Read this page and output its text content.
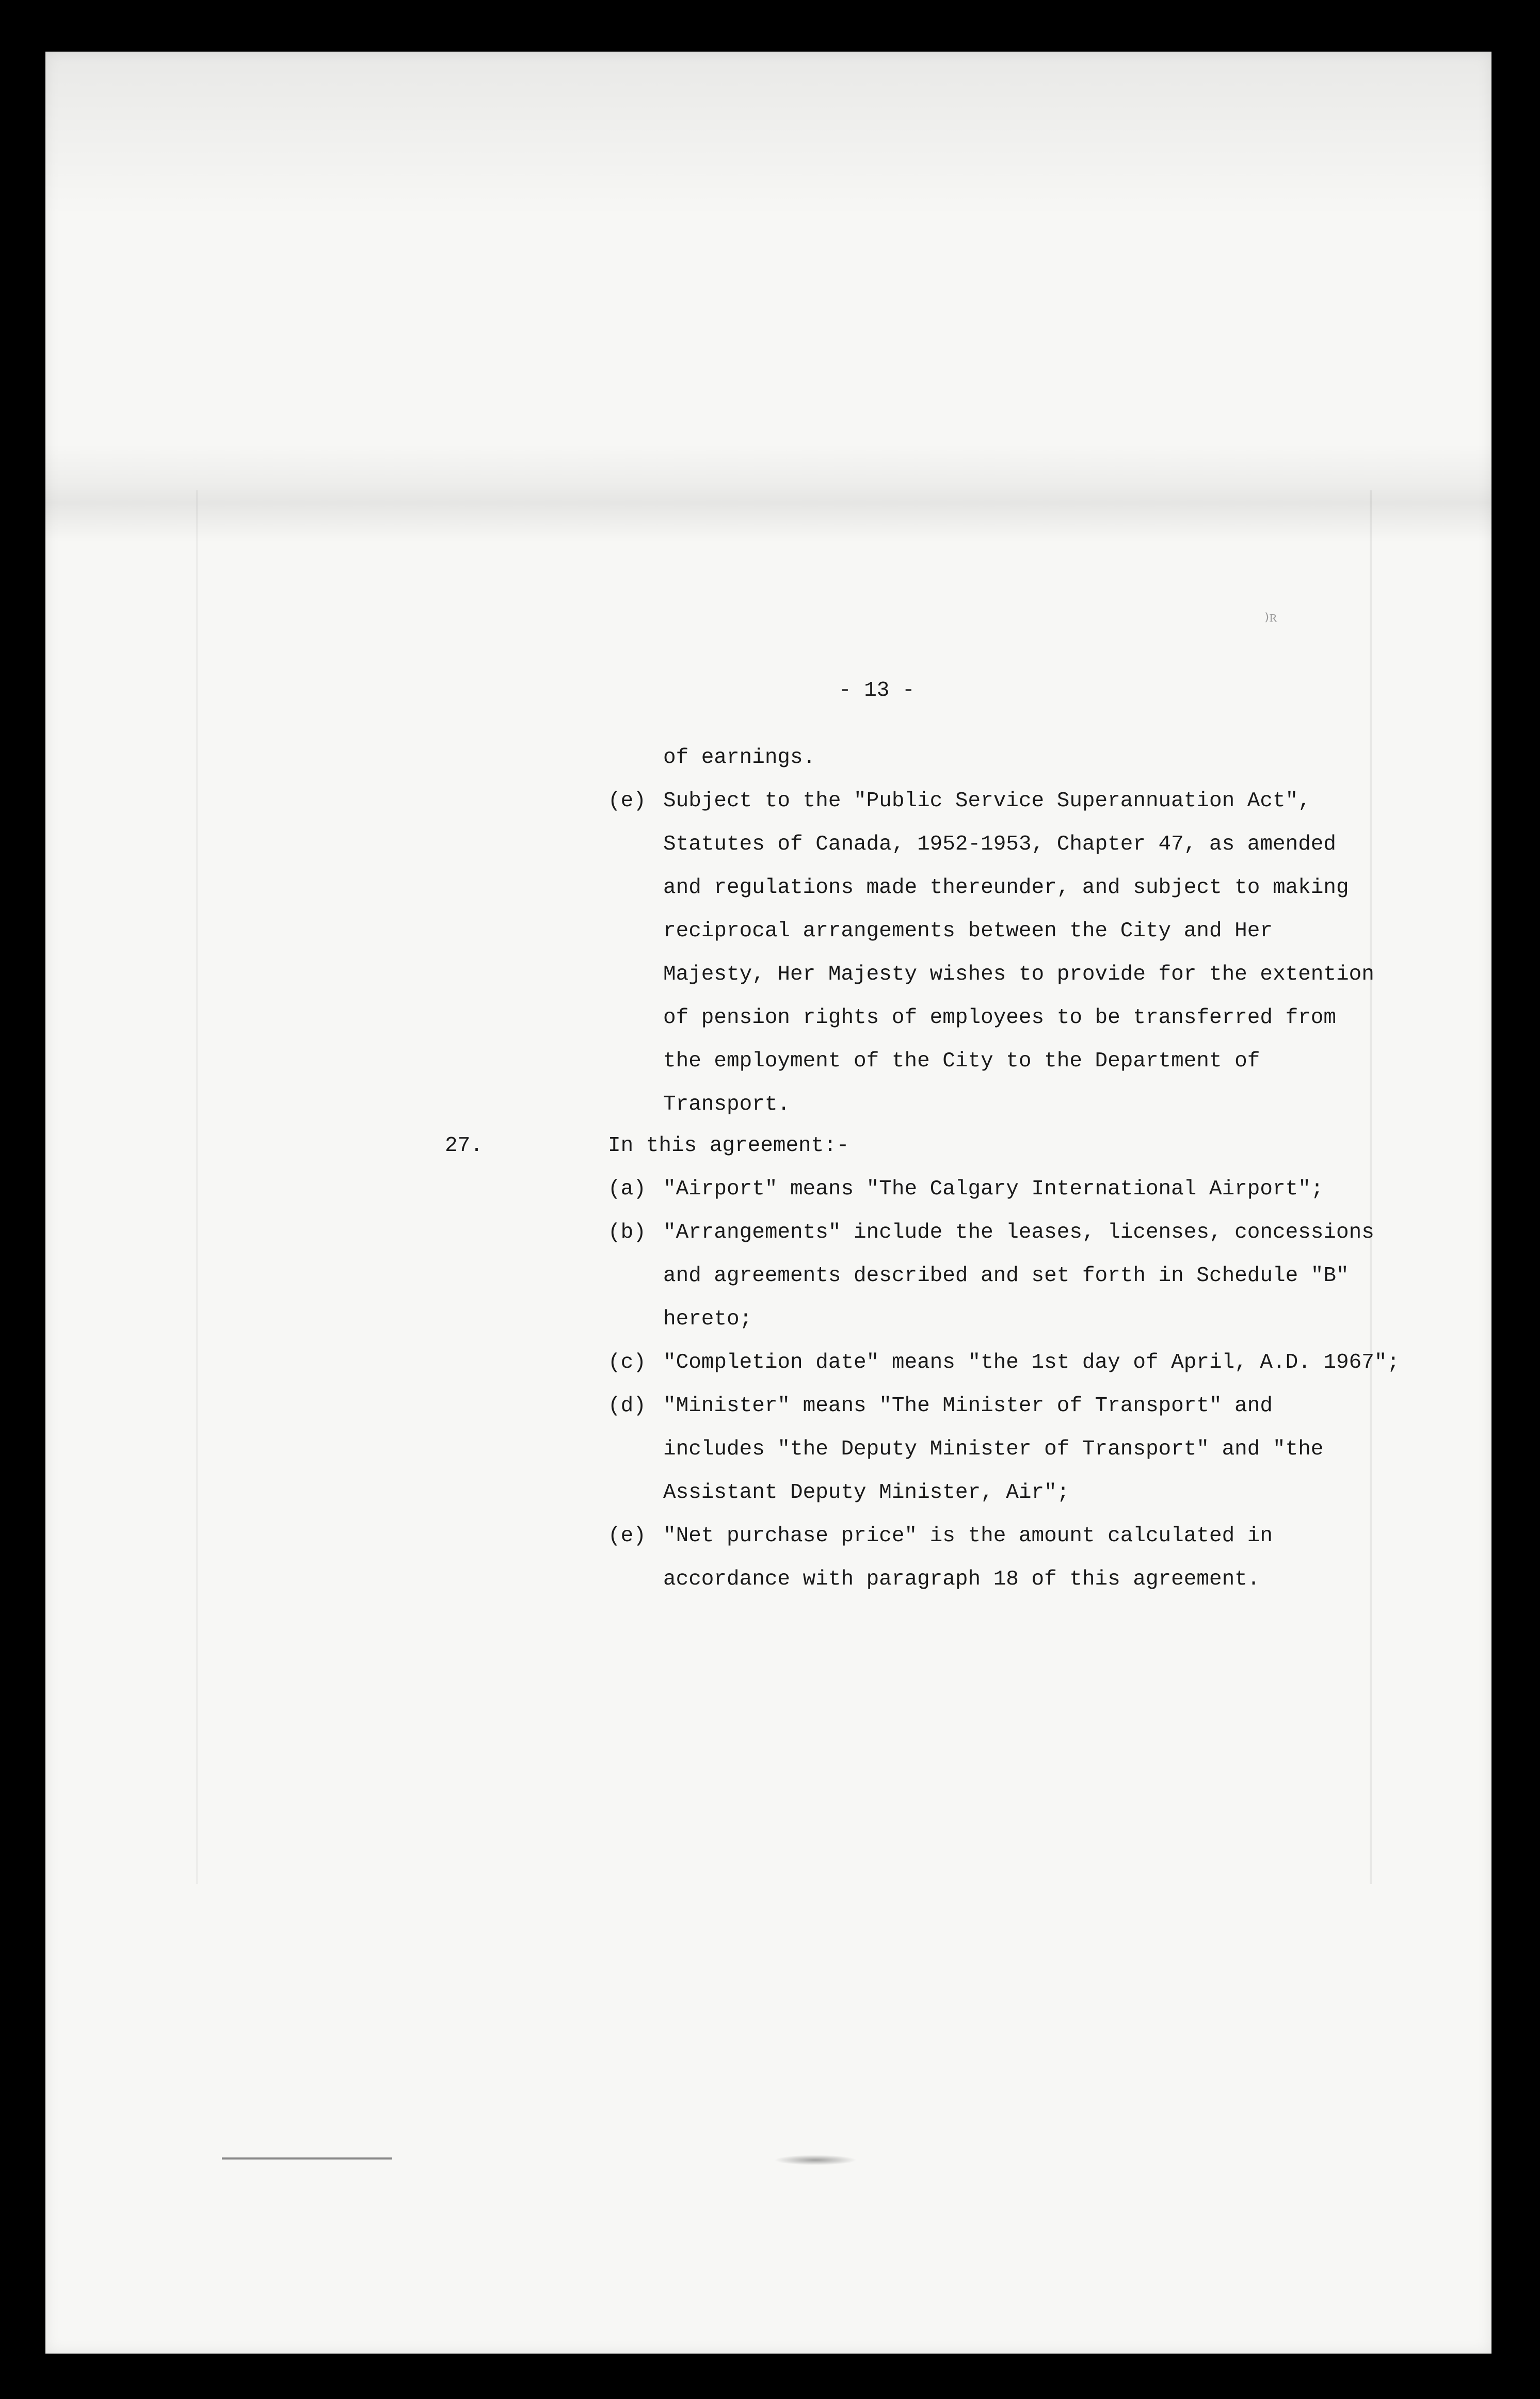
⁾ᴿ
- 13 -
of earnings.
(e) Subject to the "Public Service Superannuation Act",
Statutes of Canada, 1952-1953, Chapter 47, as amended
and regulations made thereunder, and subject to making
reciprocal arrangements between the City and Her
Majesty, Her Majesty wishes to provide for the extention
of pension rights of employees to be transferred from
the employment of the City to the Department of
Transport.
27.	In this agreement:-
(a) "Airport" means "The Calgary International Airport";
(b) "Arrangements" include the leases, licenses, concessions
and agreements described and set forth in Schedule "B"
hereto;
(c) "Completion date" means "the 1st day of April, A.D. 1967";
(d) "Minister" means "The Minister of Transport" and
includes "the Deputy Minister of Transport" and "the
Assistant Deputy Minister, Air";
(e) "Net purchase price" is the amount calculated in
accordance with paragraph 18 of this agreement.
